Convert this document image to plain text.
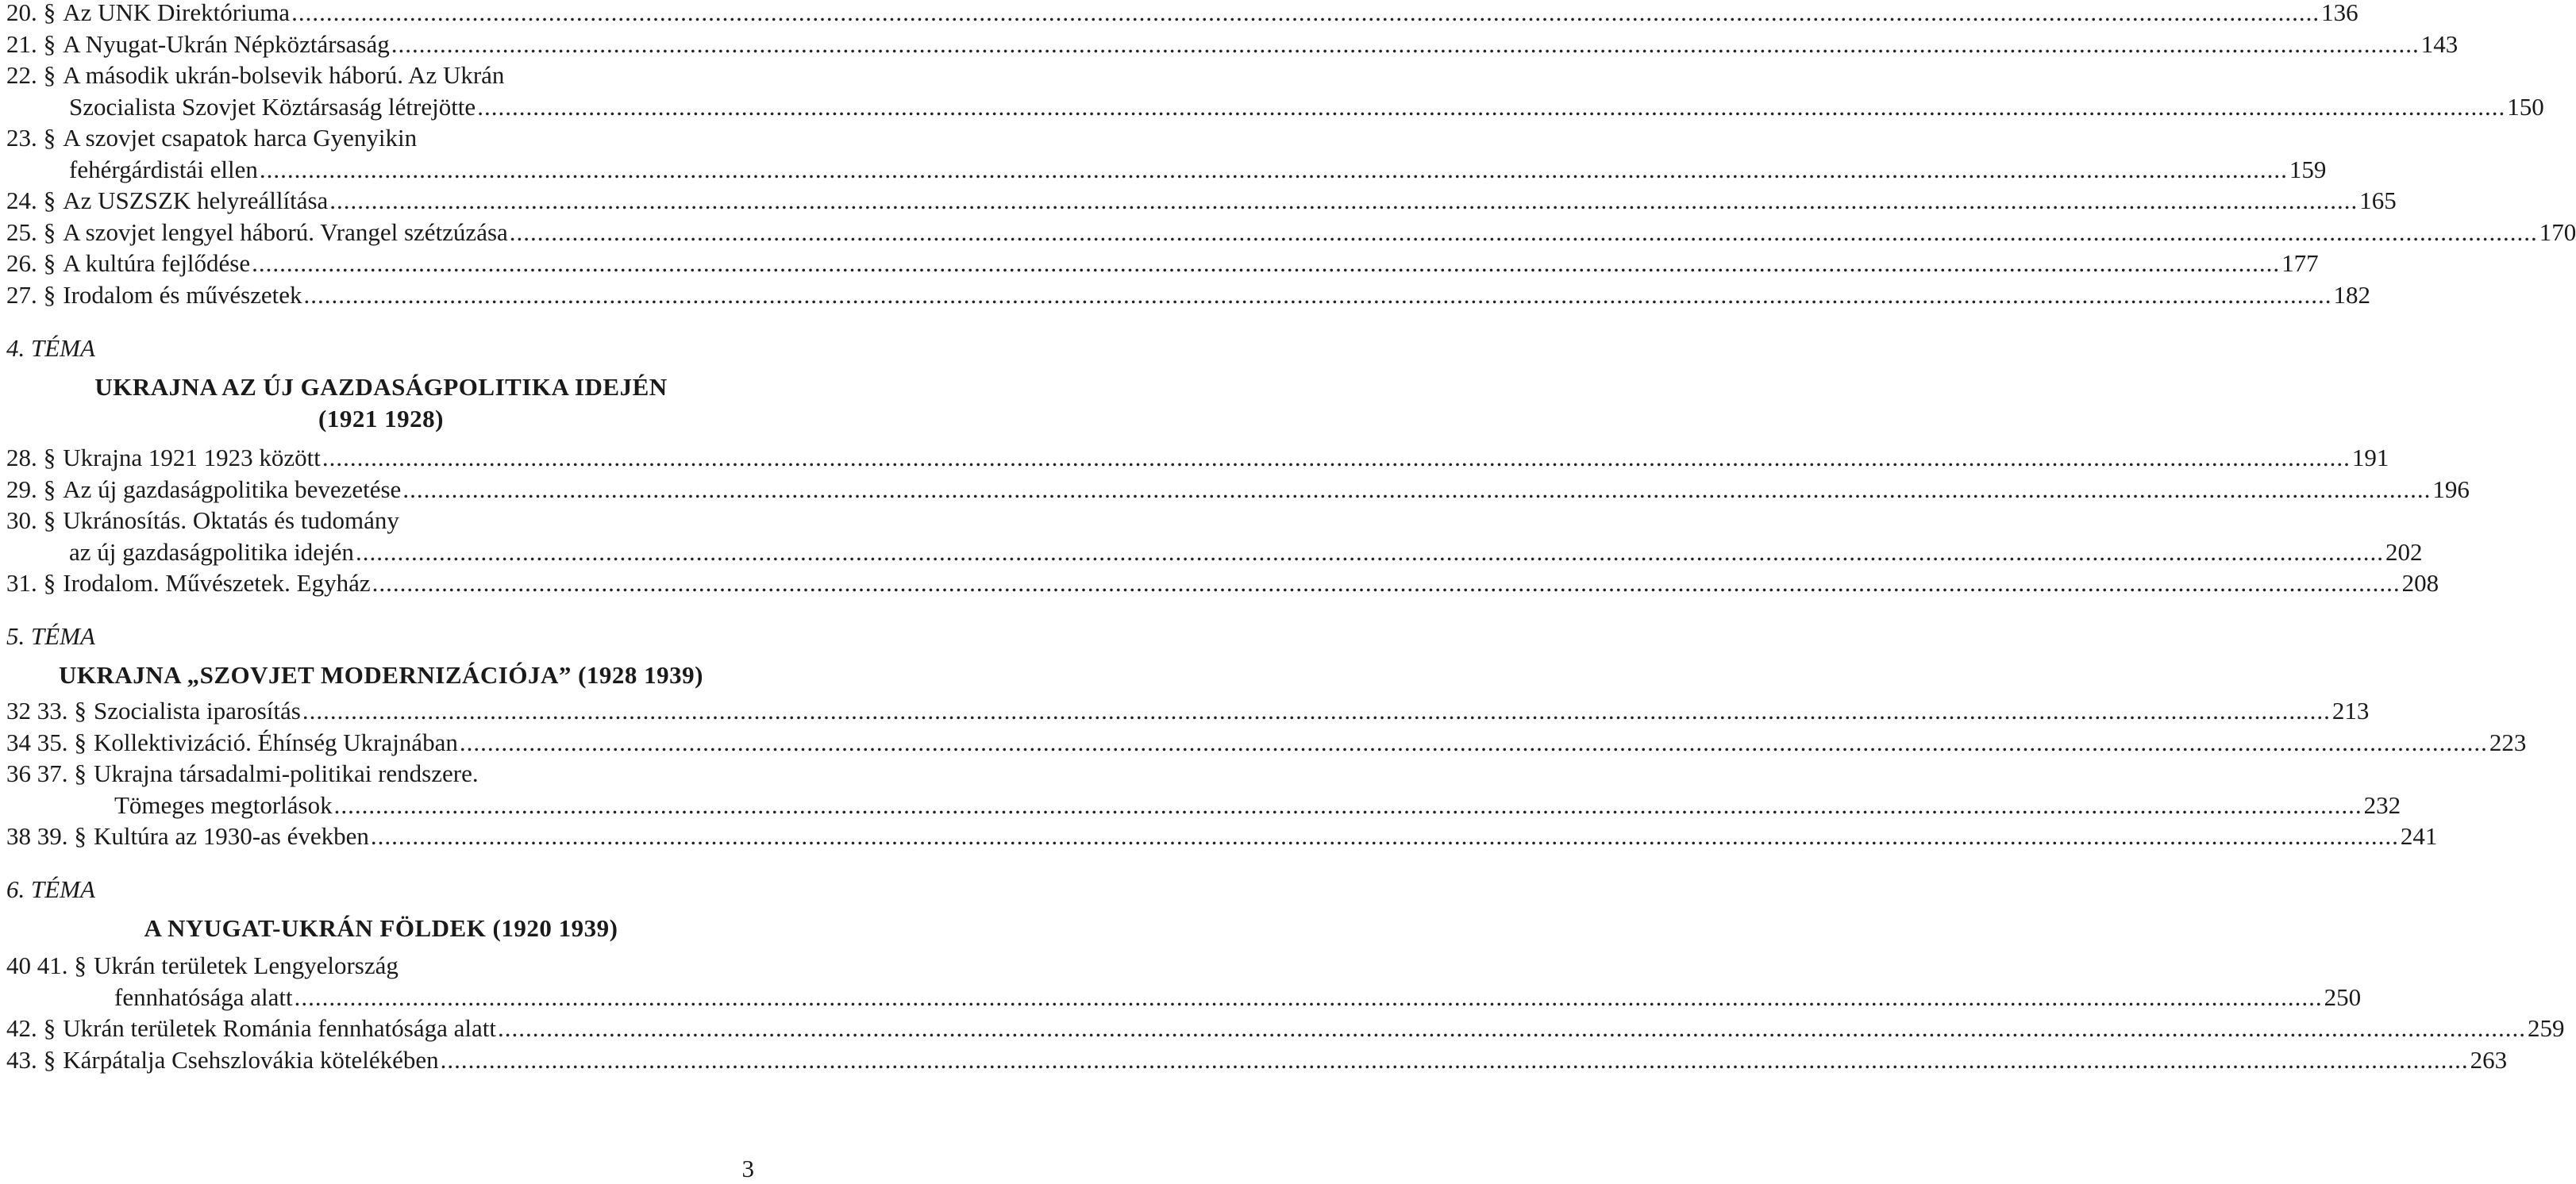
20. § Az UNK Direktóriuma .................................................................................................................................................................................................................................................................................................... 136
21. § A Nyugat-Ukrán Népköztársaság .................................................................................................................................................................................................................................................................................................... 143
22. § A második ukrán-bolsevik háború. Az Ukrán
Szocialista Szovjet Köztársaság létrejötte .................................................................................................................................................................................................................................................................................................... 150
23. § A szovjet csapatok harca Gyenyikin
fehérgárdistái ellen .................................................................................................................................................................................................................................................................................................... 159
24. § Az USZSZK helyreállítása .................................................................................................................................................................................................................................................................................................... 165
25. § A szovjet lengyel háború. Vrangel szétzúzása .................................................................................................................................................................................................................................................................................................... 170
26. § A kultúra fejlődése .................................................................................................................................................................................................................................................................................................... 177
27. § Irodalom és művészetek .................................................................................................................................................................................................................................................................................................... 182
4. TÉMA
UKRAJNA AZ ÚJ GAZDASÁGPOLITIKA IDEJÉN
(1921 1928)
28. § Ukrajna 1921 1923 között .................................................................................................................................................................................................................................................................................................... 191
29. § Az új gazdaságpolitika bevezetése .................................................................................................................................................................................................................................................................................................... 196
30. § Ukránosítás. Oktatás és tudomány
az új gazdaságpolitika idején .................................................................................................................................................................................................................................................................................................... 202
31. § Irodalom. Művészetek. Egyház .................................................................................................................................................................................................................................................................................................... 208
5. TÉMA
UKRAJNA „SZOVJET MODERNIZÁCIÓJA” (1928 1939)
32 33. § Szocialista iparosítás .................................................................................................................................................................................................................................................................................................... 213
34 35. § Kollektivizáció. Éhínség Ukrajnában .................................................................................................................................................................................................................................................................................................... 223
36 37. § Ukrajna társadalmi-politikai rendszere.
Tömeges megtorlások .................................................................................................................................................................................................................................................................................................... 232
38 39. § Kultúra az 1930-as években .................................................................................................................................................................................................................................................................................................... 241
6. TÉMA
A NYUGAT-UKRÁN FÖLDEK (1920 1939)
40 41. § Ukrán területek Lengyelország
fennhatósága alatt .................................................................................................................................................................................................................................................................................................... 250
42. § Ukrán területek Románia fennhatósága alatt .................................................................................................................................................................................................................................................................................................... 259
43. § Kárpátalja Csehszlovákia kötelékében .................................................................................................................................................................................................................................................................................................... 263
3
